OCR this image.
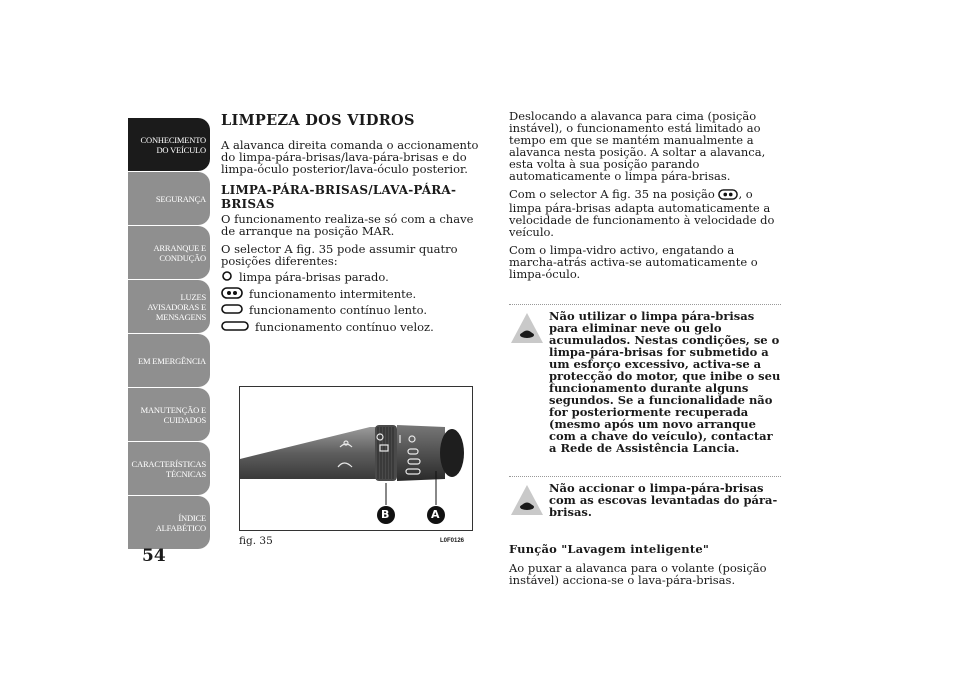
CONHECIMENTO
DO VEÍCULO
SEGURANÇA
ARRANQUE E
CONDUÇÃO
LUZES
AVISADORAS E
MENSAGENS
EM EMERGÊNCIA
MANUTENÇÃO E
CUIDADOS
CARACTERÍSTICAS
TÉCNICAS
ÍNDICE
ALFABÉTICO
54
LIMPEZA DOS VIDROS

A alavanca direita comanda o accionamento do limpa-pára-brisas/lava-pára-brisas e do limpa-óculo posterior/lava-óculo posterior.

LIMPA-PÁRA-BRISAS/LAVA-PÁRA-BRISAS

O funcionamento realiza-se só com a chave de arranque na posição MAR.

O selector A fig. 35 pode assumir quatro posições diferentes:

limpa pára-brisas parado.
funcionamento intermitente.
funcionamento contínuo lento.
funcionamento contínuo veloz.
B	A
fig. 35	L0F0126

Deslocando a alavanca para cima (posição instável), o funcionamento está limitado ao tempo em que se mantém manualmente a alavanca nesta posição. A soltar a alavanca, esta volta à sua posição parando automaticamente o limpa pára-brisas.

Com o selector A fig. 35 na posição , o limpa pára-brisas adapta automaticamente a velocidade de funcionamento à velocidade do veículo.

Com o limpa-vidro activo, engatando a marcha-atrás activa-se automaticamente o limpa-óculo.

Não utilizar o limpa pára-brisas para eliminar neve ou gelo acumulados. Nestas condições, se o limpa-pára-brisas for submetido a um esforço excessivo, activa-se a protecção do motor, que inibe o seu funcionamento durante alguns segundos. Se a funcionalidade não for posteriormente recuperada (mesmo após um novo arranque com a chave do veículo), contactar a Rede de Assistência Lancia.
Não accionar o limpa-pára-brisas com as escovas levantadas do pára-brisas.
Função "Lavagem inteligente"

Ao puxar a alavanca para o volante (posição instável) acciona-se o lava-pára-brisas.
